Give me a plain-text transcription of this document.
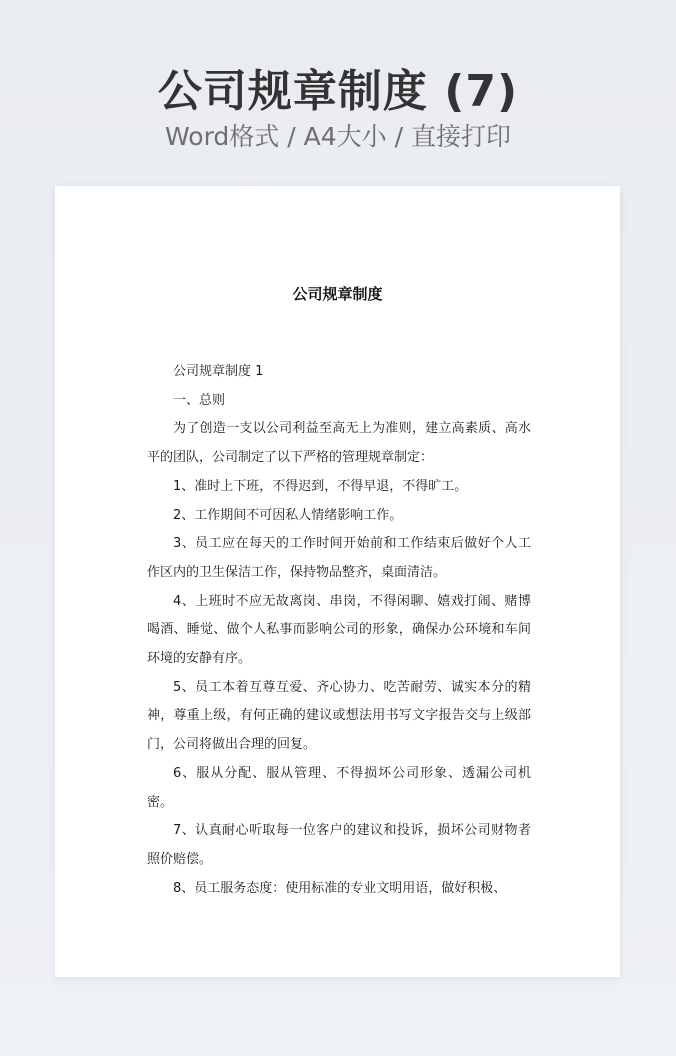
公司规章制度 (7)
Word格式 / A4大小 / 直接打印
公司规章制度

公司规章制度 1

一、总则

为了创造一支以公司利益至高无上为准则，建立高素质、高水平的团队，公司制定了以下严格的管理规章制定：

1、准时上下班，不得迟到，不得早退，不得旷工。

2、工作期间不可因私人情绪影响工作。

3、员工应在每天的工作时间开始前和工作结束后做好个人工作区内的卫生保洁工作，保持物品整齐，桌面清洁。

4、上班时不应无故离岗、串岗，不得闲聊、嬉戏打闹、赌博喝酒、睡觉、做个人私事而影响公司的形象，确保办公环境和车间环境的安静有序。

5、员工本着互尊互爱、齐心协力、吃苦耐劳、诚实本分的精神，尊重上级，有何正确的建议或想法用书写文字报告交与上级部门，公司将做出合理的回复。

6、服从分配、服从管理、不得损坏公司形象、透漏公司机密。

7、认真耐心听取每一位客户的建议和投诉，损坏公司财物者照价赔偿。

8、员工服务态度：使用标准的专业文明用语，做好积极、
